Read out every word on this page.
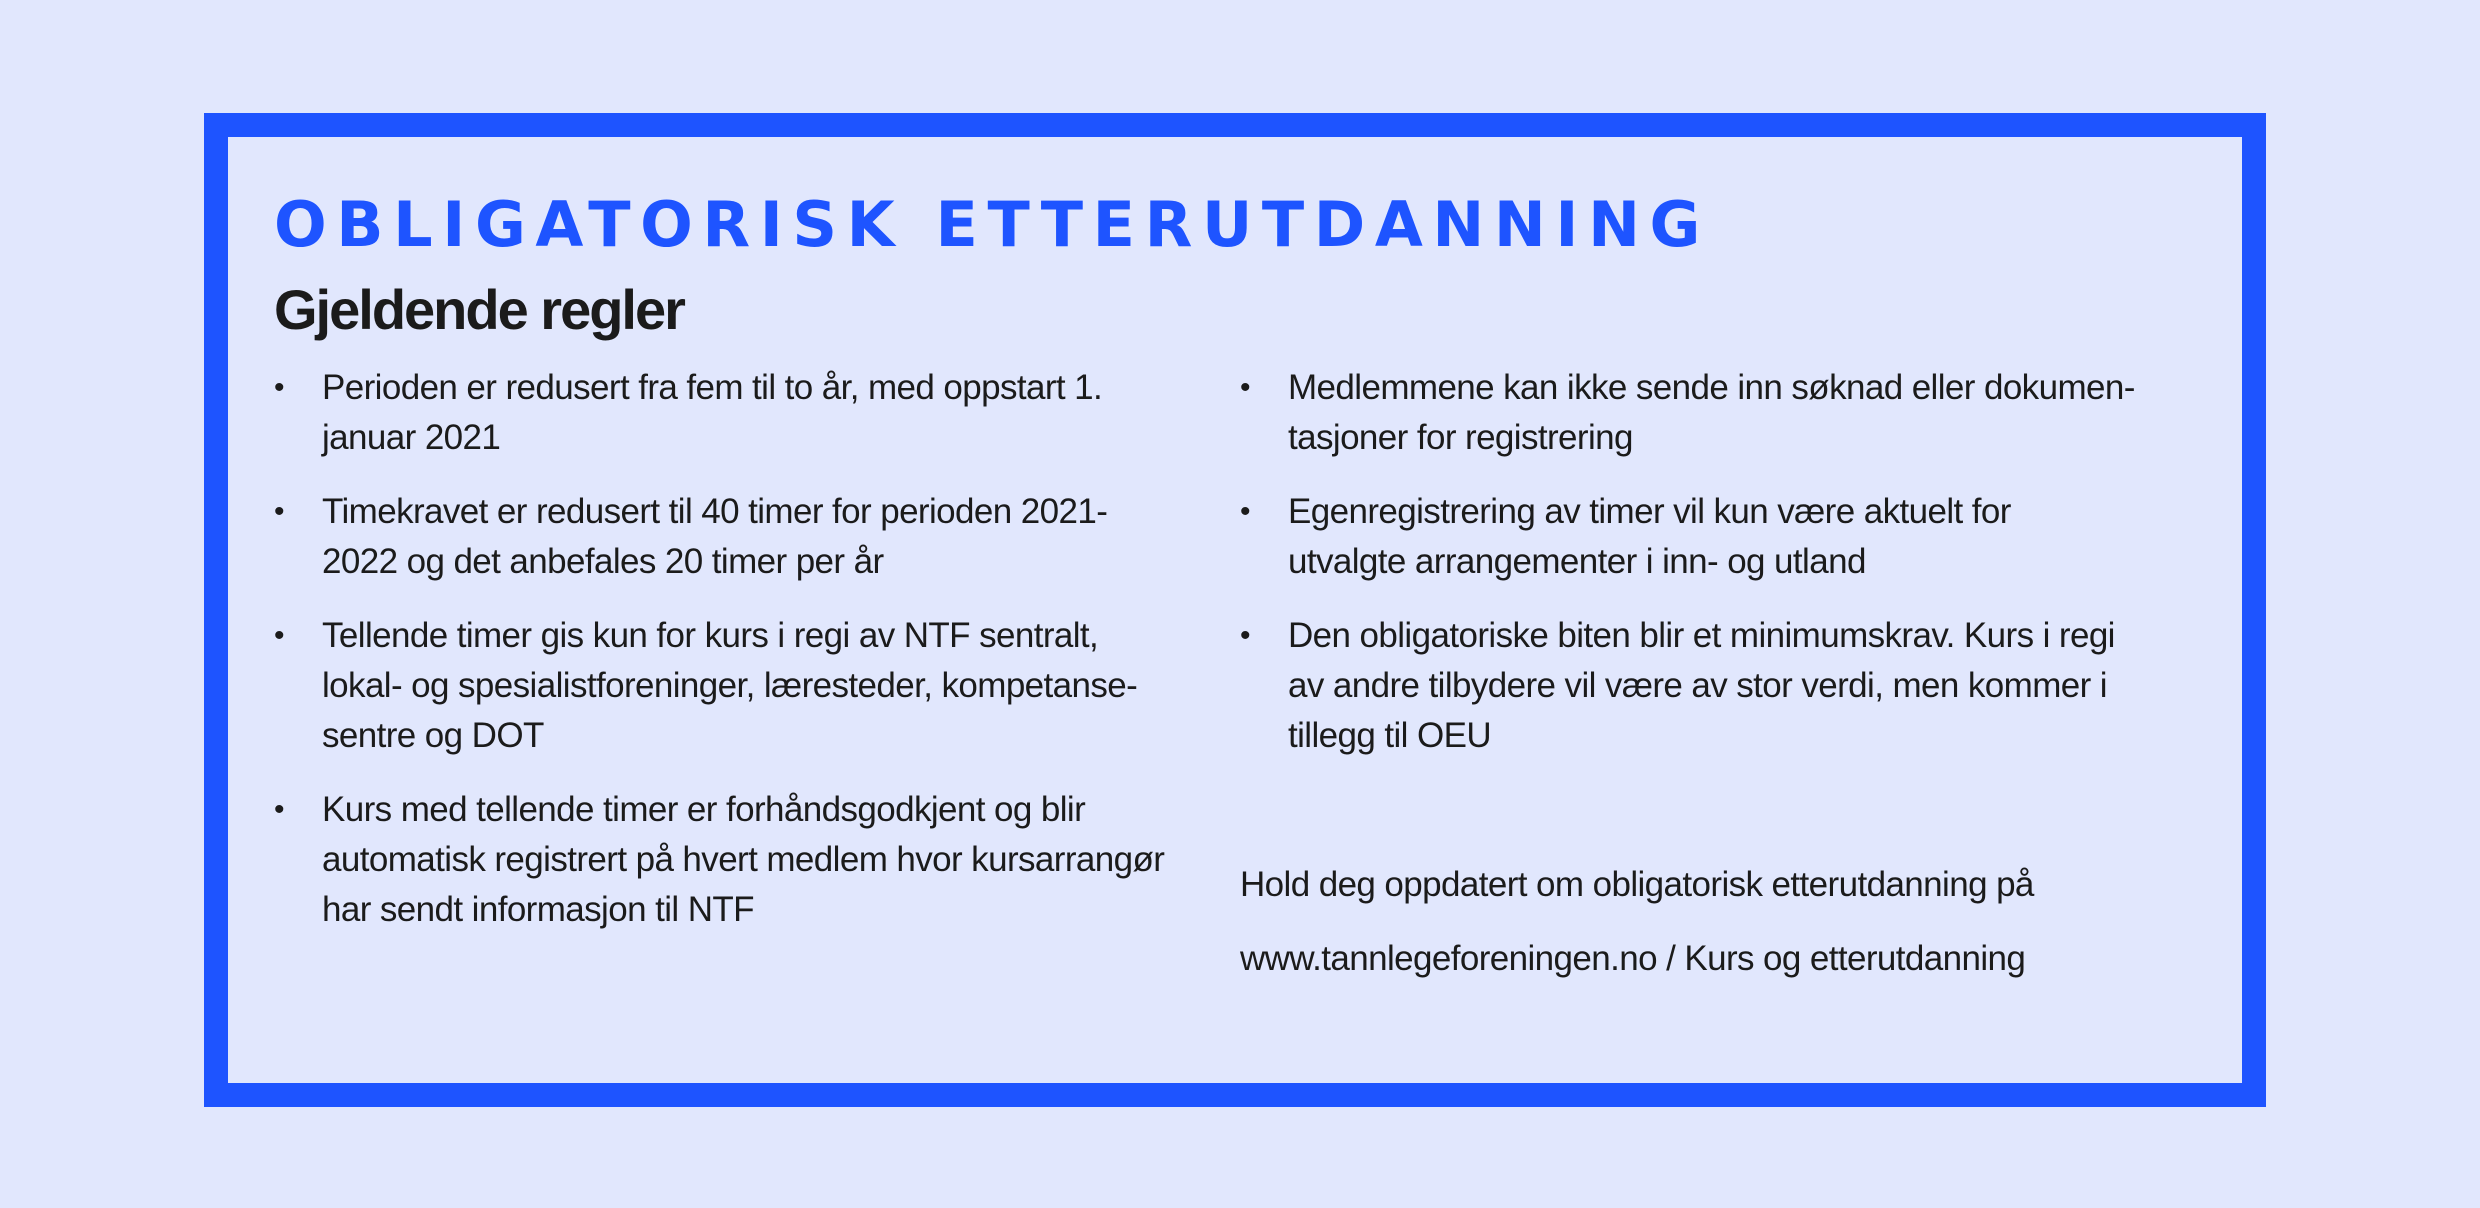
OBLIGATORISK ETTERUTDANNING
Gjeldende regler
• Perioden er redusert fra fem til to år, med oppstart 1.
januar 2021
• Timekravet er redusert til 40 timer for perioden 2021-
2022 og det anbefales 20 timer per år
• Tellende timer gis kun for kurs i regi av NTF sentralt,
lokal- og spesialistforeninger, læresteder, kompetanse-
sentre og DOT
• Kurs med tellende timer er forhåndsgodkjent og blir
automatisk registrert på hvert medlem hvor kursarrangør
har sendt informasjon til NTF
• Medlemmene kan ikke sende inn søknad eller dokumen-
tasjoner for registrering
• Egenregistrering av timer vil kun være aktuelt for
utvalgte arrangementer i inn- og utland
• Den obligatoriske biten blir et minimumskrav. Kurs i regi
av andre tilbydere vil være av stor verdi, men kommer i
tillegg til OEU

Hold deg oppdatert om obligatorisk etterutdanning på

www.tannlegeforeningen.no / Kurs og etterutdanning
